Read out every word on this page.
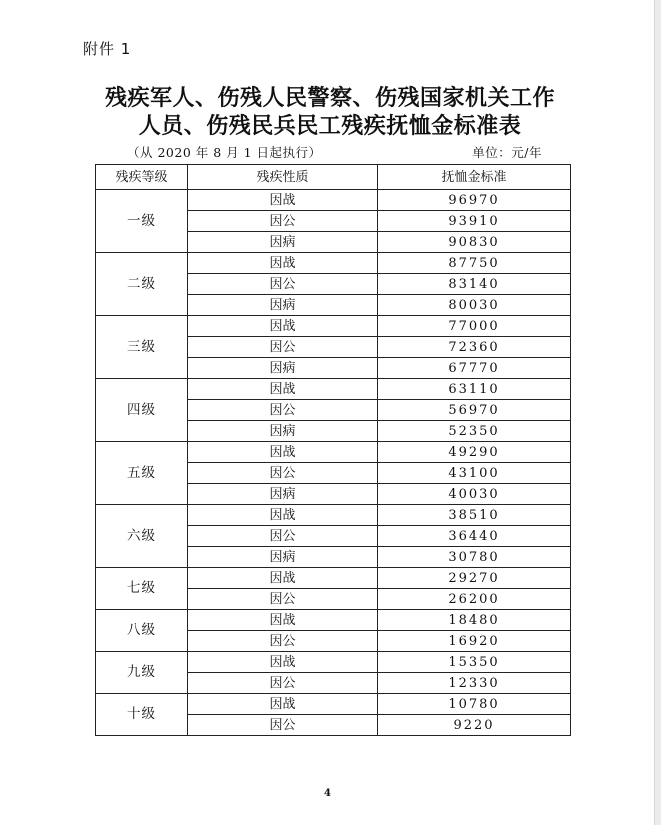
附件 1
残疾军人、伤残人民警察、伤残国家机关工作
人员、伤残民兵民工残疾抚恤金标准表
（从 2020 年 8 月 1 日起执行）	单位：元/年
残疾等级	残疾性质	抚恤金标准
一级	因战	96970
	因公	93910
	因病	90830
二级	因战	87750
	因公	83140
	因病	80030
三级	因战	77000
	因公	72360
	因病	67770
四级	因战	63110
	因公	56970
	因病	52350
五级	因战	49290
	因公	43100
	因病	40030
六级	因战	38510
	因公	36440
	因病	30780
七级	因战	29270
	因公	26200
八级	因战	18480
	因公	16920
九级	因战	15350
	因公	12330
十级	因战	10780
	因公	9220
4
